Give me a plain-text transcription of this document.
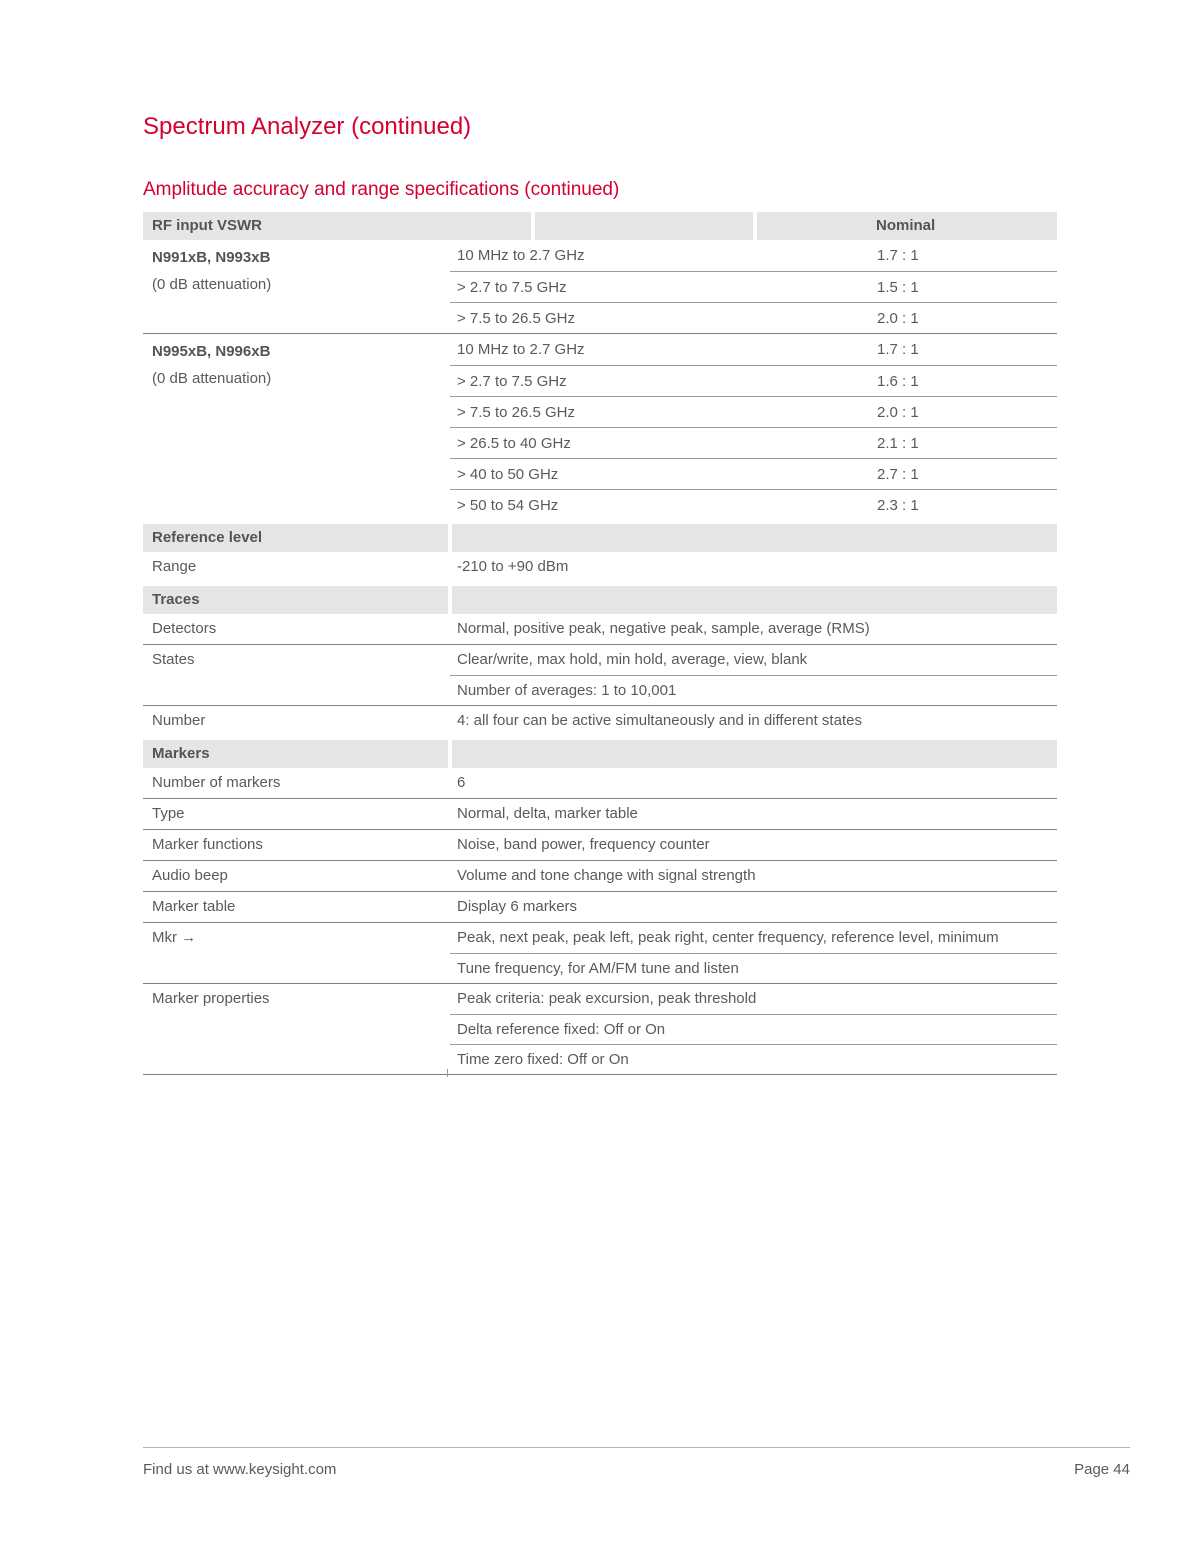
Spectrum Analyzer (continued)
Amplitude accuracy and range specifications (continued)
RF input VSWR	Nominal
N991xB, N993xB
(0 dB attenuation)
10 MHz to 2.7 GHz	1.7 : 1
> 2.7 to 7.5 GHz	1.5 : 1
> 7.5 to 26.5 GHz	2.0 : 1
N995xB, N996xB
(0 dB attenuation)
10 MHz to 2.7 GHz	1.7 : 1
> 2.7 to 7.5 GHz	1.6 : 1
> 7.5 to 26.5 GHz	2.0 : 1
> 26.5 to 40 GHz	2.1 : 1
> 40 to 50 GHz	2.7 : 1
> 50 to 54 GHz	2.3 : 1
Reference level
Range	-210 to +90 dBm
Traces
Detectors	Normal, positive peak, negative peak, sample, average (RMS)
States	Clear/write, max hold, min hold, average, view, blank
Number of averages: 1 to 10,001
Number	4: all four can be active simultaneously and in different states
Markers
Number of markers	6
Type	Normal, delta, marker table
Marker functions	Noise, band power, frequency counter
Audio beep	Volume and tone change with signal strength
Marker table	Display 6 markers
Mkr →	Peak, next peak, peak left, peak right, center frequency, reference level, minimum
Tune frequency, for AM/FM tune and listen
Marker properties	Peak criteria: peak excursion, peak threshold
Delta reference fixed: Off or On
Time zero fixed: Off or On
Find us at www.keysight.com	Page 44
